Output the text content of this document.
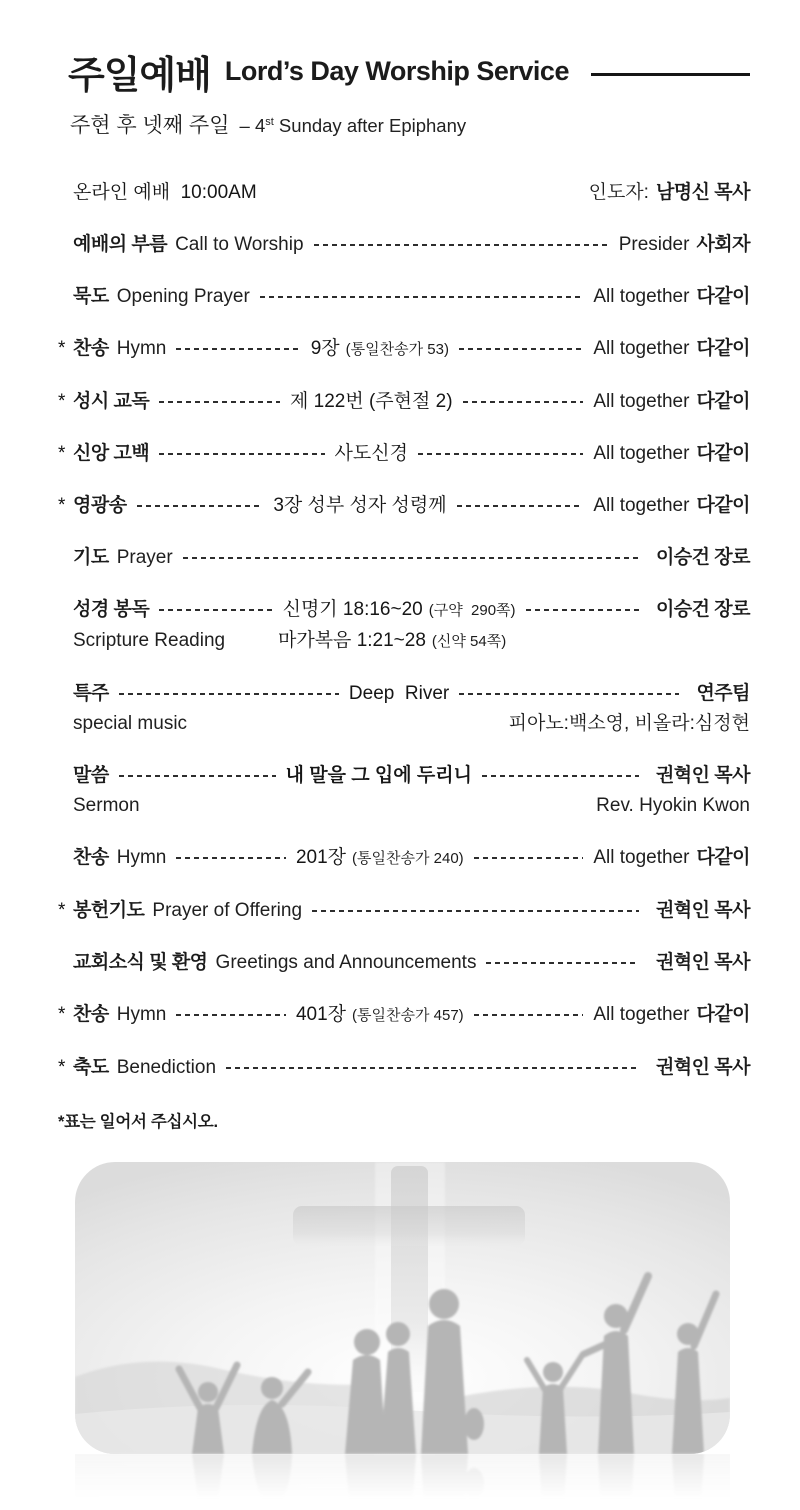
주일예배 Lord’s Day Worship Service
주현 후 넷째 주일 – 4st Sunday after Epiphany
온라인 예배  10:00AM	인도자: 남명신 목사
예배의 부름 Call to Worship	Presider 사회자
묵도 Opening Prayer	All together 다같이
* 찬송 Hymn	9장 (통일찬송가 53)	All together 다같이
* 성시 교독	제 122번 (주현절 2)	All together 다같이
* 신앙 고백	사도신경	All together 다같이
* 영광송	3장 성부 성자 성령께	All together 다같이
기도 Prayer	이승건 장로
성경 봉독	신명기 18:16~20 (구약  290쪽)	이승건 장로
Scripture Reading	마가복음 1:21~28 (신약 54쪽)
특주	Deep  River	연주팀
special music	피아노:백소영, 비올라:심정현
말씀	내 말을 그 입에 두리니	권혁인 목사
Sermon	Rev. Hyokin Kwon
찬송 Hymn	201장 (통일찬송가 240)	All together 다같이
* 봉헌기도 Prayer of Offering	권혁인 목사
교회소식 및 환영 Greetings and Announcements	권혁인 목사
* 찬송 Hymn	401장 (통일찬송가 457)	All together 다같이
* 축도 Benediction	권혁인 목사

*표는 일어서 주십시오.
